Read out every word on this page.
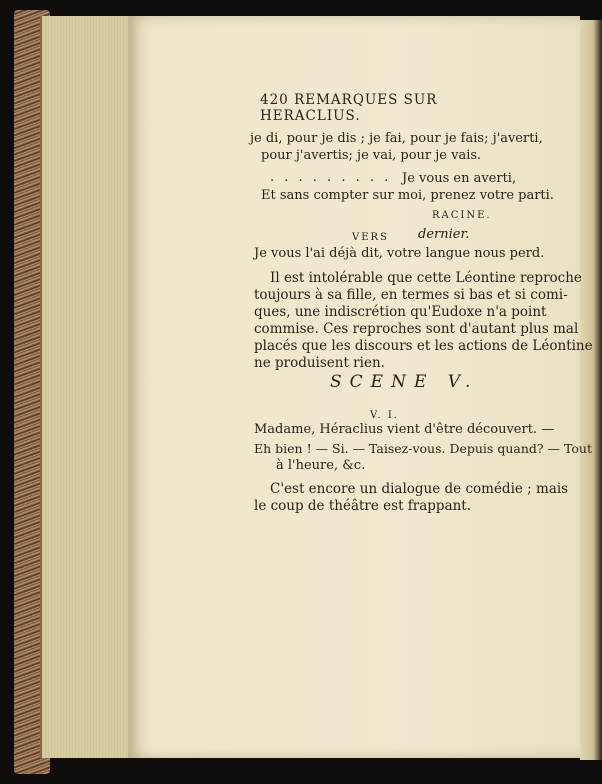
420 REMARQUES SUR HERACLIUS.
je di, pour je dis ; je fai, pour je fais; j'averti,
pour j'avertis; je vai, pour je vais.
. . . . . . . . . Je vous en averti,
Et sans compter sur moi, prenez votre parti.
RACINE.
VERS dernier.
Je vous l'ai déjà dit, votre langue nous perd.
Il est intolérable que cette Léontine reproche
toujours à sa fille, en termes si bas et si comi-
ques, une indiscrétion qu'Eudoxe n'a point
commise. Ces reproches sont d'autant plus mal
placés que les discours et les actions de Léontine
ne produisent rien.
SCENE V.
V. I.
Madame, Héraclius vient d'être découvert. —
Eh bien ! — Si. — Taisez-vous. Depuis quand? — Tout
à l'heure, &c.
C'est encore un dialogue de comédie ; mais
le coup de théâtre est frappant.
